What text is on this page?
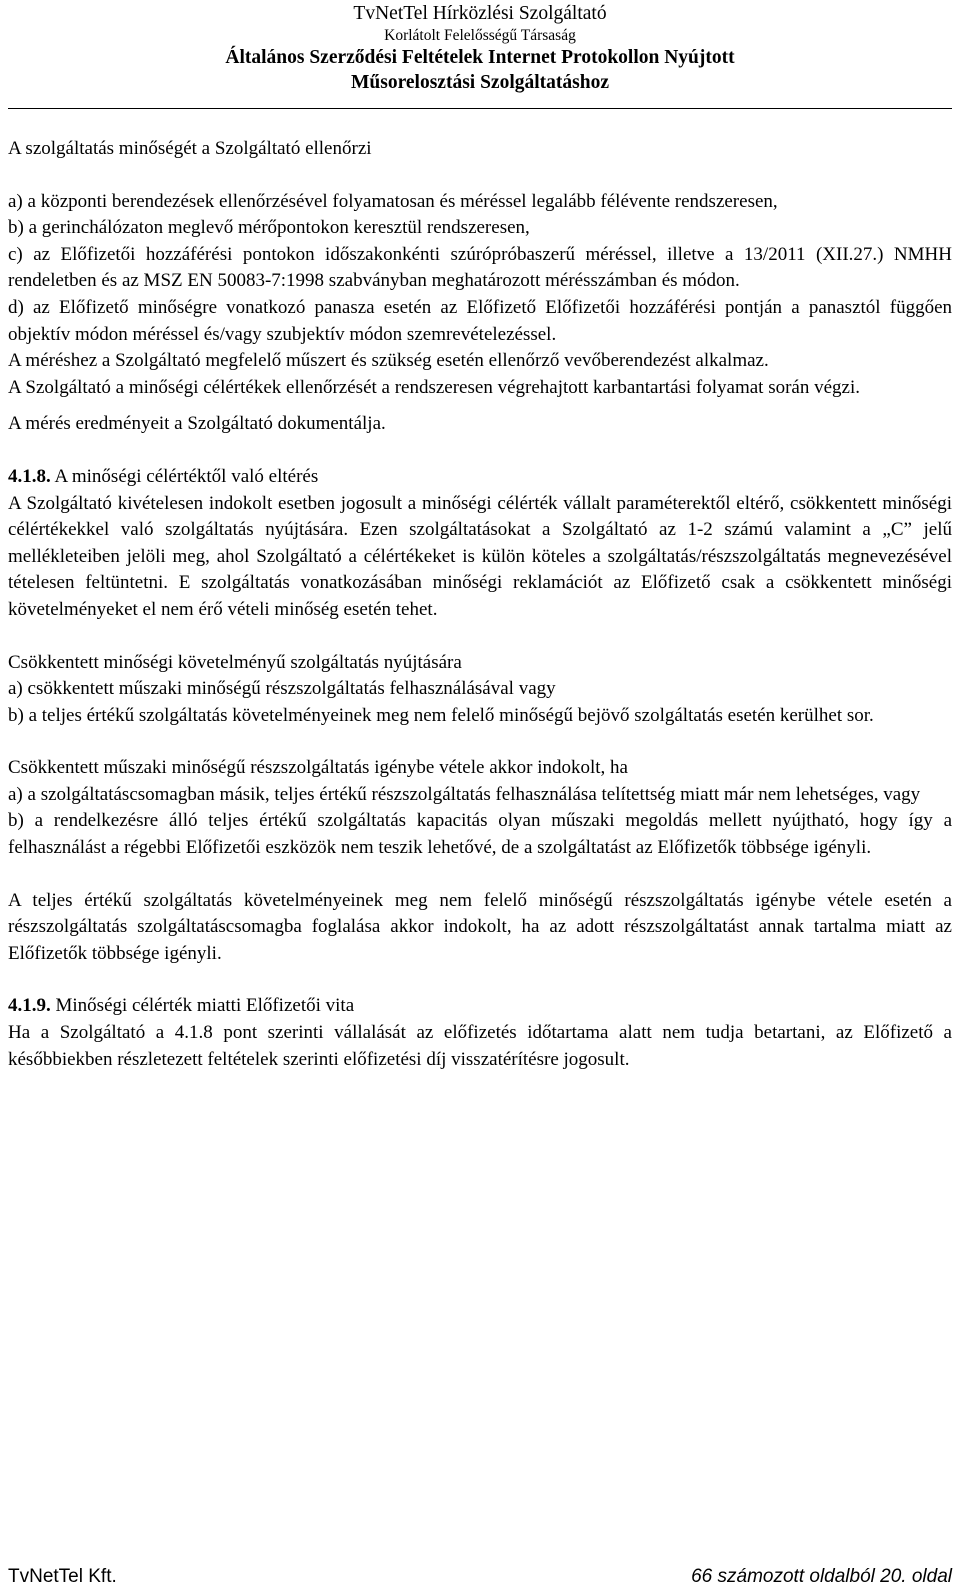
TvNetTel Hírközlési Szolgáltató
Korlátolt Felelősségű Társaság
Általános Szerződési Feltételek Internet Protokollon Nyújtott
Műsorelosztási Szolgáltatáshoz

A szolgáltatás minőségét a Szolgáltató ellenőrzi

a) a központi berendezések ellenőrzésével folyamatosan és méréssel legalább félévente rendszeresen,

b) a gerinchálózaton meglevő mérőpontokon keresztül rendszeresen,

c) az Előfizetői hozzáférési pontokon időszakonkénti szúrópróbaszerű méréssel, illetve a 13/2011 (XII.27.) NMHH rendeletben és az MSZ EN 50083-7:1998 szabványban meghatározott mérésszámban és módon.

d) az Előfizető minőségre vonatkozó panasza esetén az Előfizető Előfizetői hozzáférési pontján a panasztól függően objektív módon méréssel és/vagy szubjektív módon szemrevételezéssel.

A méréshez a Szolgáltató megfelelő műszert és szükség esetén ellenőrző vevőberendezést alkalmaz.

A Szolgáltató a minőségi célértékek ellenőrzését a rendszeresen végrehajtott karbantartási folyamat során végzi.

A mérés eredményeit a Szolgáltató dokumentálja.

4.1.8. A minőségi célértéktől való eltérés

A Szolgáltató kivételesen indokolt esetben jogosult a minőségi célérték vállalt paraméterektől eltérő, csökkentett minőségi célértékekkel való szolgáltatás nyújtására. Ezen szolgáltatásokat a Szolgáltató az 1-2 számú valamint a „C” jelű mellékleteiben jelöli meg, ahol Szolgáltató a célértékeket is külön köteles a szolgáltatás/részszolgáltatás megnevezésével tételesen feltüntetni. E szolgáltatás vonatkozásában minőségi reklamációt az Előfizető csak a csökkentett minőségi követelményeket el nem érő vételi minőség esetén tehet.

Csökkentett minőségi követelményű szolgáltatás nyújtására

a) csökkentett műszaki minőségű részszolgáltatás felhasználásával vagy

b) a teljes értékű szolgáltatás követelményeinek meg nem felelő minőségű bejövő szolgáltatás esetén kerülhet sor.

Csökkentett műszaki minőségű részszolgáltatás igénybe vétele akkor indokolt, ha

a) a szolgáltatáscsomagban másik, teljes értékű részszolgáltatás felhasználása telítettség miatt már nem lehetséges, vagy

b) a rendelkezésre álló teljes értékű szolgáltatás kapacitás olyan műszaki megoldás mellett nyújtható, hogy így a felhasználást a régebbi Előfizetői eszközök nem teszik lehetővé, de a szolgáltatást az Előfizetők többsége igényli.

A teljes értékű szolgáltatás követelményeinek meg nem felelő minőségű részszolgáltatás igénybe vétele esetén a részszolgáltatás szolgáltatáscsomagba foglalása akkor indokolt, ha az adott részszolgáltatást annak tartalma miatt az Előfizetők többsége igényli.

4.1.9. Minőségi célérték miatti Előfizetői vita

Ha a Szolgáltató a 4.1.8 pont szerinti vállalását az előfizetés időtartama alatt nem tudja betartani, az Előfizető a későbbiekben részletezett feltételek szerinti előfizetési díj visszatérítésre jogosult.

TvNetTel Kft.	66 számozott oldalból 20. oldal
